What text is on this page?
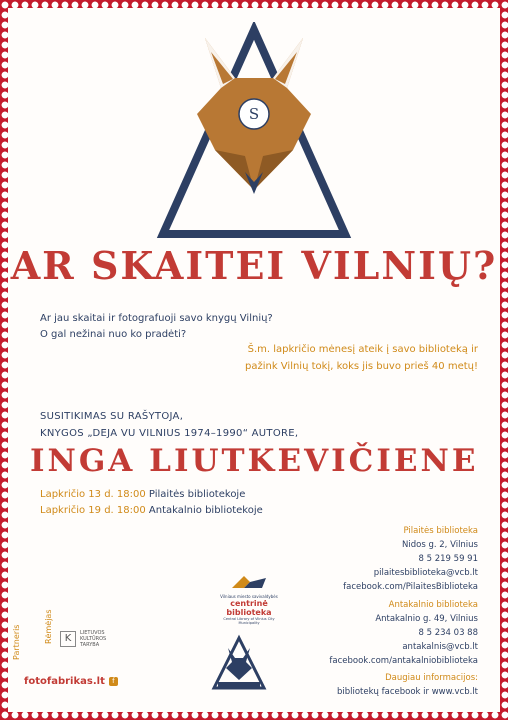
S
AR SKAITEI VILNIŲ?
Ar jau skaitai ir fotografuoji savo knygų Vilnių?
O gal nežinai nuo ko pradėti?
Š.m. lapkričio mėnesį ateik į savo biblioteką ir
pažink Vilnių tokį, koks jis buvo prieš 40 metų!
SUSITIKIMAS SU RAŠYTOJA,
KNYGOS „DEJA VU VILNIUS 1974–1990“ AUTORE,
INGA LIUTKEVIČIENE
Lapkričio 13 d. 18:00 Pilaitės bibliotekoje
Lapkričio 19 d. 18:00 Antakalnio bibliotekoje
Pilaitės biblioteka
Nidos g. 2, Vilnius
8 5 219 59 91
pilaitesbiblioteka@vcb.lt
facebook.com/PilaitesBiblioteka
Antakalnio biblioteka
Antakalnio g. 49, Vilnius
8 5 234 03 88
antakalnis@vcb.lt
facebook.com/antakalniobiblioteka
Daugiau informacijos:
bibliotekų facebook ir www.vcb.lt
Vilniaus miesto savivaldybės
centrinė biblioteka
Central Library of Vilnius City Municipality
Partneris	Rėmėjas	K	LIETUVOS KULTŪROS TARYBA
fotofabrikas.lt	f
